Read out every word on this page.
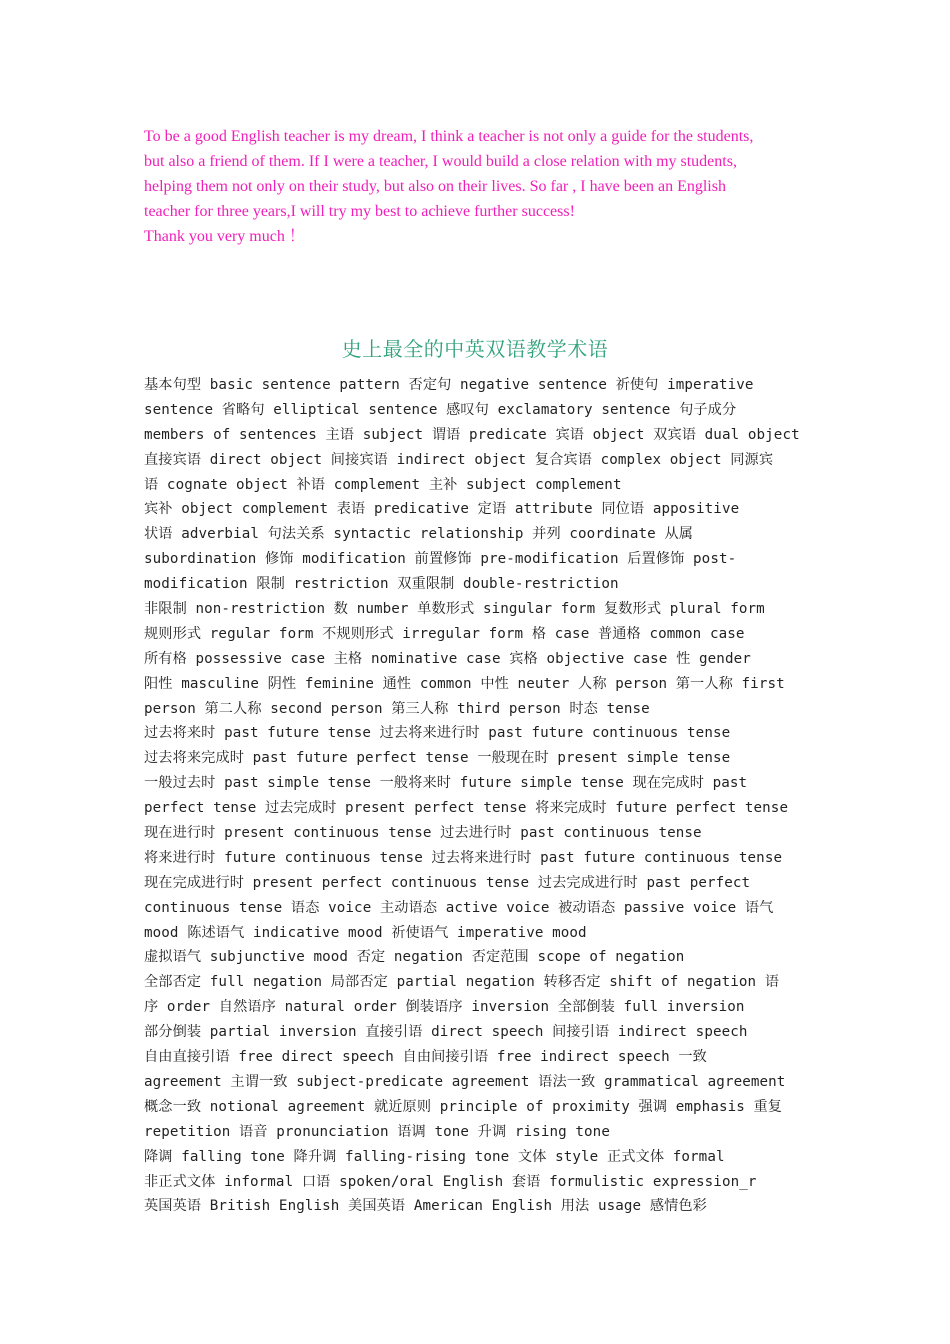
To be a good English teacher is my dream, I think a teacher is not only a guide for the students,
but also a friend of them. If I were a teacher, I would build a close relation with my students,
helping them not only on their study, but also on their lives. So far , I have been an English
teacher for three years,I will try my best to achieve further success!
Thank you very much ！
史上最全的中英双语教学术语
基本句型 basic sentence pattern 否定句 negative sentence 祈使句 imperative
sentence 省略句 elliptical sentence 感叹句 exclamatory sentence 句子成分
members of sentences 主语 subject 谓语 predicate 宾语 object 双宾语 dual object
直接宾语 direct object 间接宾语 indirect object 复合宾语 complex object 同源宾
语 cognate object 补语 complement 主补 subject complement
宾补 object complement 表语 predicative 定语 attribute 同位语 appositive
状语 adverbial 句法关系 syntactic relationship 并列 coordinate 从属
subordination 修饰 modification 前置修饰 pre-modification 后置修饰 post-
modification 限制 restriction 双重限制 double-restriction
非限制 non-restriction 数 number 单数形式 singular form 复数形式 plural form
规则形式 regular form 不规则形式 irregular form 格 case 普通格 common case
所有格 possessive case 主格 nominative case 宾格 objective case 性 gender
阳性 masculine 阴性 feminine 通性 common 中性 neuter 人称 person 第一人称 first
person 第二人称 second person 第三人称 third person 时态 tense
过去将来时 past future tense 过去将来进行时 past future continuous tense
过去将来完成时 past future perfect tense 一般现在时 present simple tense
一般过去时 past simple tense 一般将来时 future simple tense 现在完成时 past
perfect tense 过去完成时 present perfect tense 将来完成时 future perfect tense
现在进行时 present continuous tense 过去进行时 past continuous tense
将来进行时 future continuous tense 过去将来进行时 past future continuous tense
现在完成进行时 present perfect continuous tense 过去完成进行时 past perfect
continuous tense 语态 voice 主动语态 active voice 被动语态 passive voice 语气
mood 陈述语气 indicative mood 祈使语气 imperative mood
虚拟语气 subjunctive mood 否定 negation 否定范围 scope of negation
全部否定 full negation 局部否定 partial negation 转移否定 shift of negation 语
序 order 自然语序 natural order 倒装语序 inversion 全部倒装 full inversion
部分倒装 partial inversion 直接引语 direct speech 间接引语 indirect speech
自由直接引语 free direct speech 自由间接引语 free indirect speech 一致
agreement 主谓一致 subject-predicate agreement 语法一致 grammatical agreement
概念一致 notional agreement 就近原则 principle of proximity 强调 emphasis 重复
repetition 语音 pronunciation 语调 tone 升调 rising tone
降调 falling tone 降升调 falling-rising tone 文体 style 正式文体 formal
非正式文体 informal 口语 spoken/oral English 套语 formulistic expression_r
英国英语 British English 美国英语 American English 用法 usage 感情色彩
